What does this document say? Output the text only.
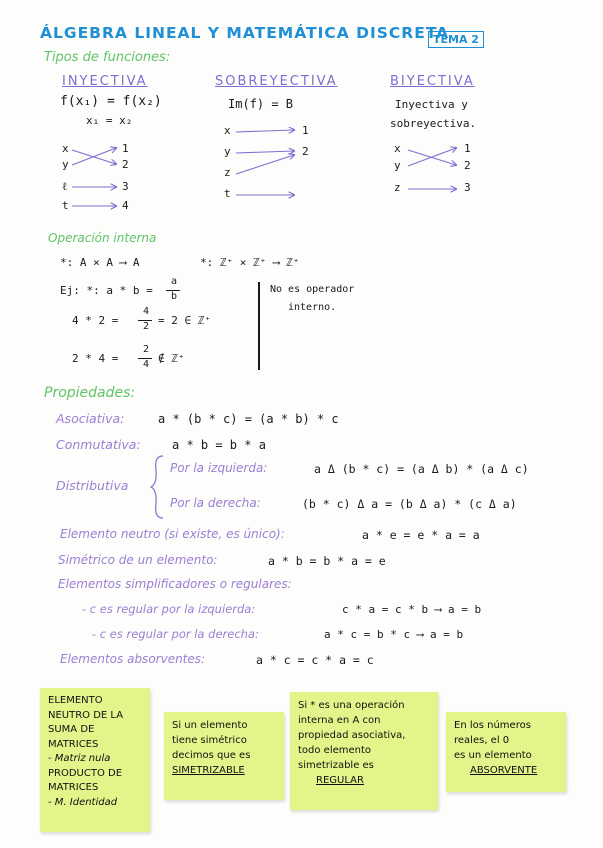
ÁLGEBRA LINEAL Y MATEMÁTICA DISCRETA
TEMA 2
Tipos de funciones:
INYECTIVA
f(x₁) = f(x₂)
x₁ = x₂
SOBREYECTIVA
Im(f) = B
BIYECTIVA
Inyectiva y
sobreyectiva.
x
y
ℓ
t
1
2
3
4
x
y
z
t
1
2	x
y
z
1
2
3
Operación interna
*: A × A ⟶ A	*: ℤ⁺ × ℤ⁺ ⟶ ℤ⁺
Ej: *: a * b =
a
b
4 * 2 =
4
2 = 2 ∈ ℤ⁺
2 * 4 =
2
4 ∉ ℤ⁺
No es operador
interno.
Propiedades:
Asociativa:	a * (b * c) = (a * b) * c
Conmutativa:	a * b = b * a
Distributiva
Por la izquierda:	a Δ (b * c) = (a Δ b) * (a Δ c)
Por la derecha:	(b * c) Δ a = (b Δ a) * (c Δ a)
Elemento neutro (si existe, es único):	a * e = e * a = a
Simétrico de un elemento:	a * b = b * a = e
Elementos simplificadores o regulares:
- c es regular por la izquierda:	c * a = c * b ⟶ a = b
- c es regular por la derecha:	a * c = b * c ⟶ a = b
Elementos absorventes:	a * c = c * a = c
ELEMENTO
NEUTRO DE LA
SUMA DE
MATRICES
- Matriz nula
PRODUCTO DE
MATRICES
- M. Identidad
Si un elemento
tiene simétrico
decimos que es
SIMETRIZABLE
Si * es una operación
interna en A con
propiedad asociativa,
todo elemento
simetrizable es
REGULAR
En los números
reales, el 0
es un elemento
ABSORVENTE
